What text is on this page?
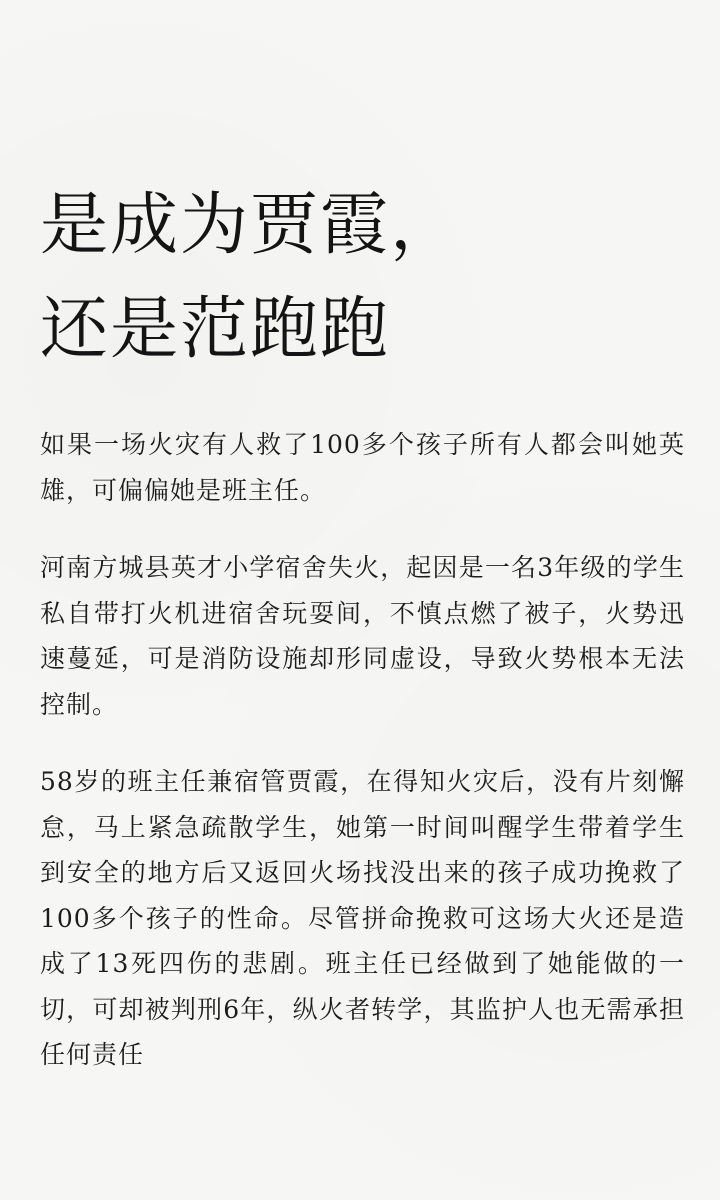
是成为贾霞，
还是范跑跑

如果一场火灾有人救了100多个孩子所有人都会叫她英雄，可偏偏她是班主任。

河南方城县英才小学宿舍失火，起因是一名3年级的学生私自带打火机进宿舍玩耍间，不慎点燃了被子，火势迅速蔓延，可是消防设施却形同虚设，导致火势根本无法控制。

58岁的班主任兼宿管贾霞，在得知火灾后，没有片刻懈怠，马上紧急疏散学生，她第一时间叫醒学生带着学生到安全的地方后又返回火场找没出来的孩子成功挽救了100多个孩子的性命。尽管拼命挽救可这场大火还是造成了13死四伤的悲剧。班主任已经做到了她能做的一切，可却被判刑6年，纵火者转学，其监护人也无需承担任何责任
